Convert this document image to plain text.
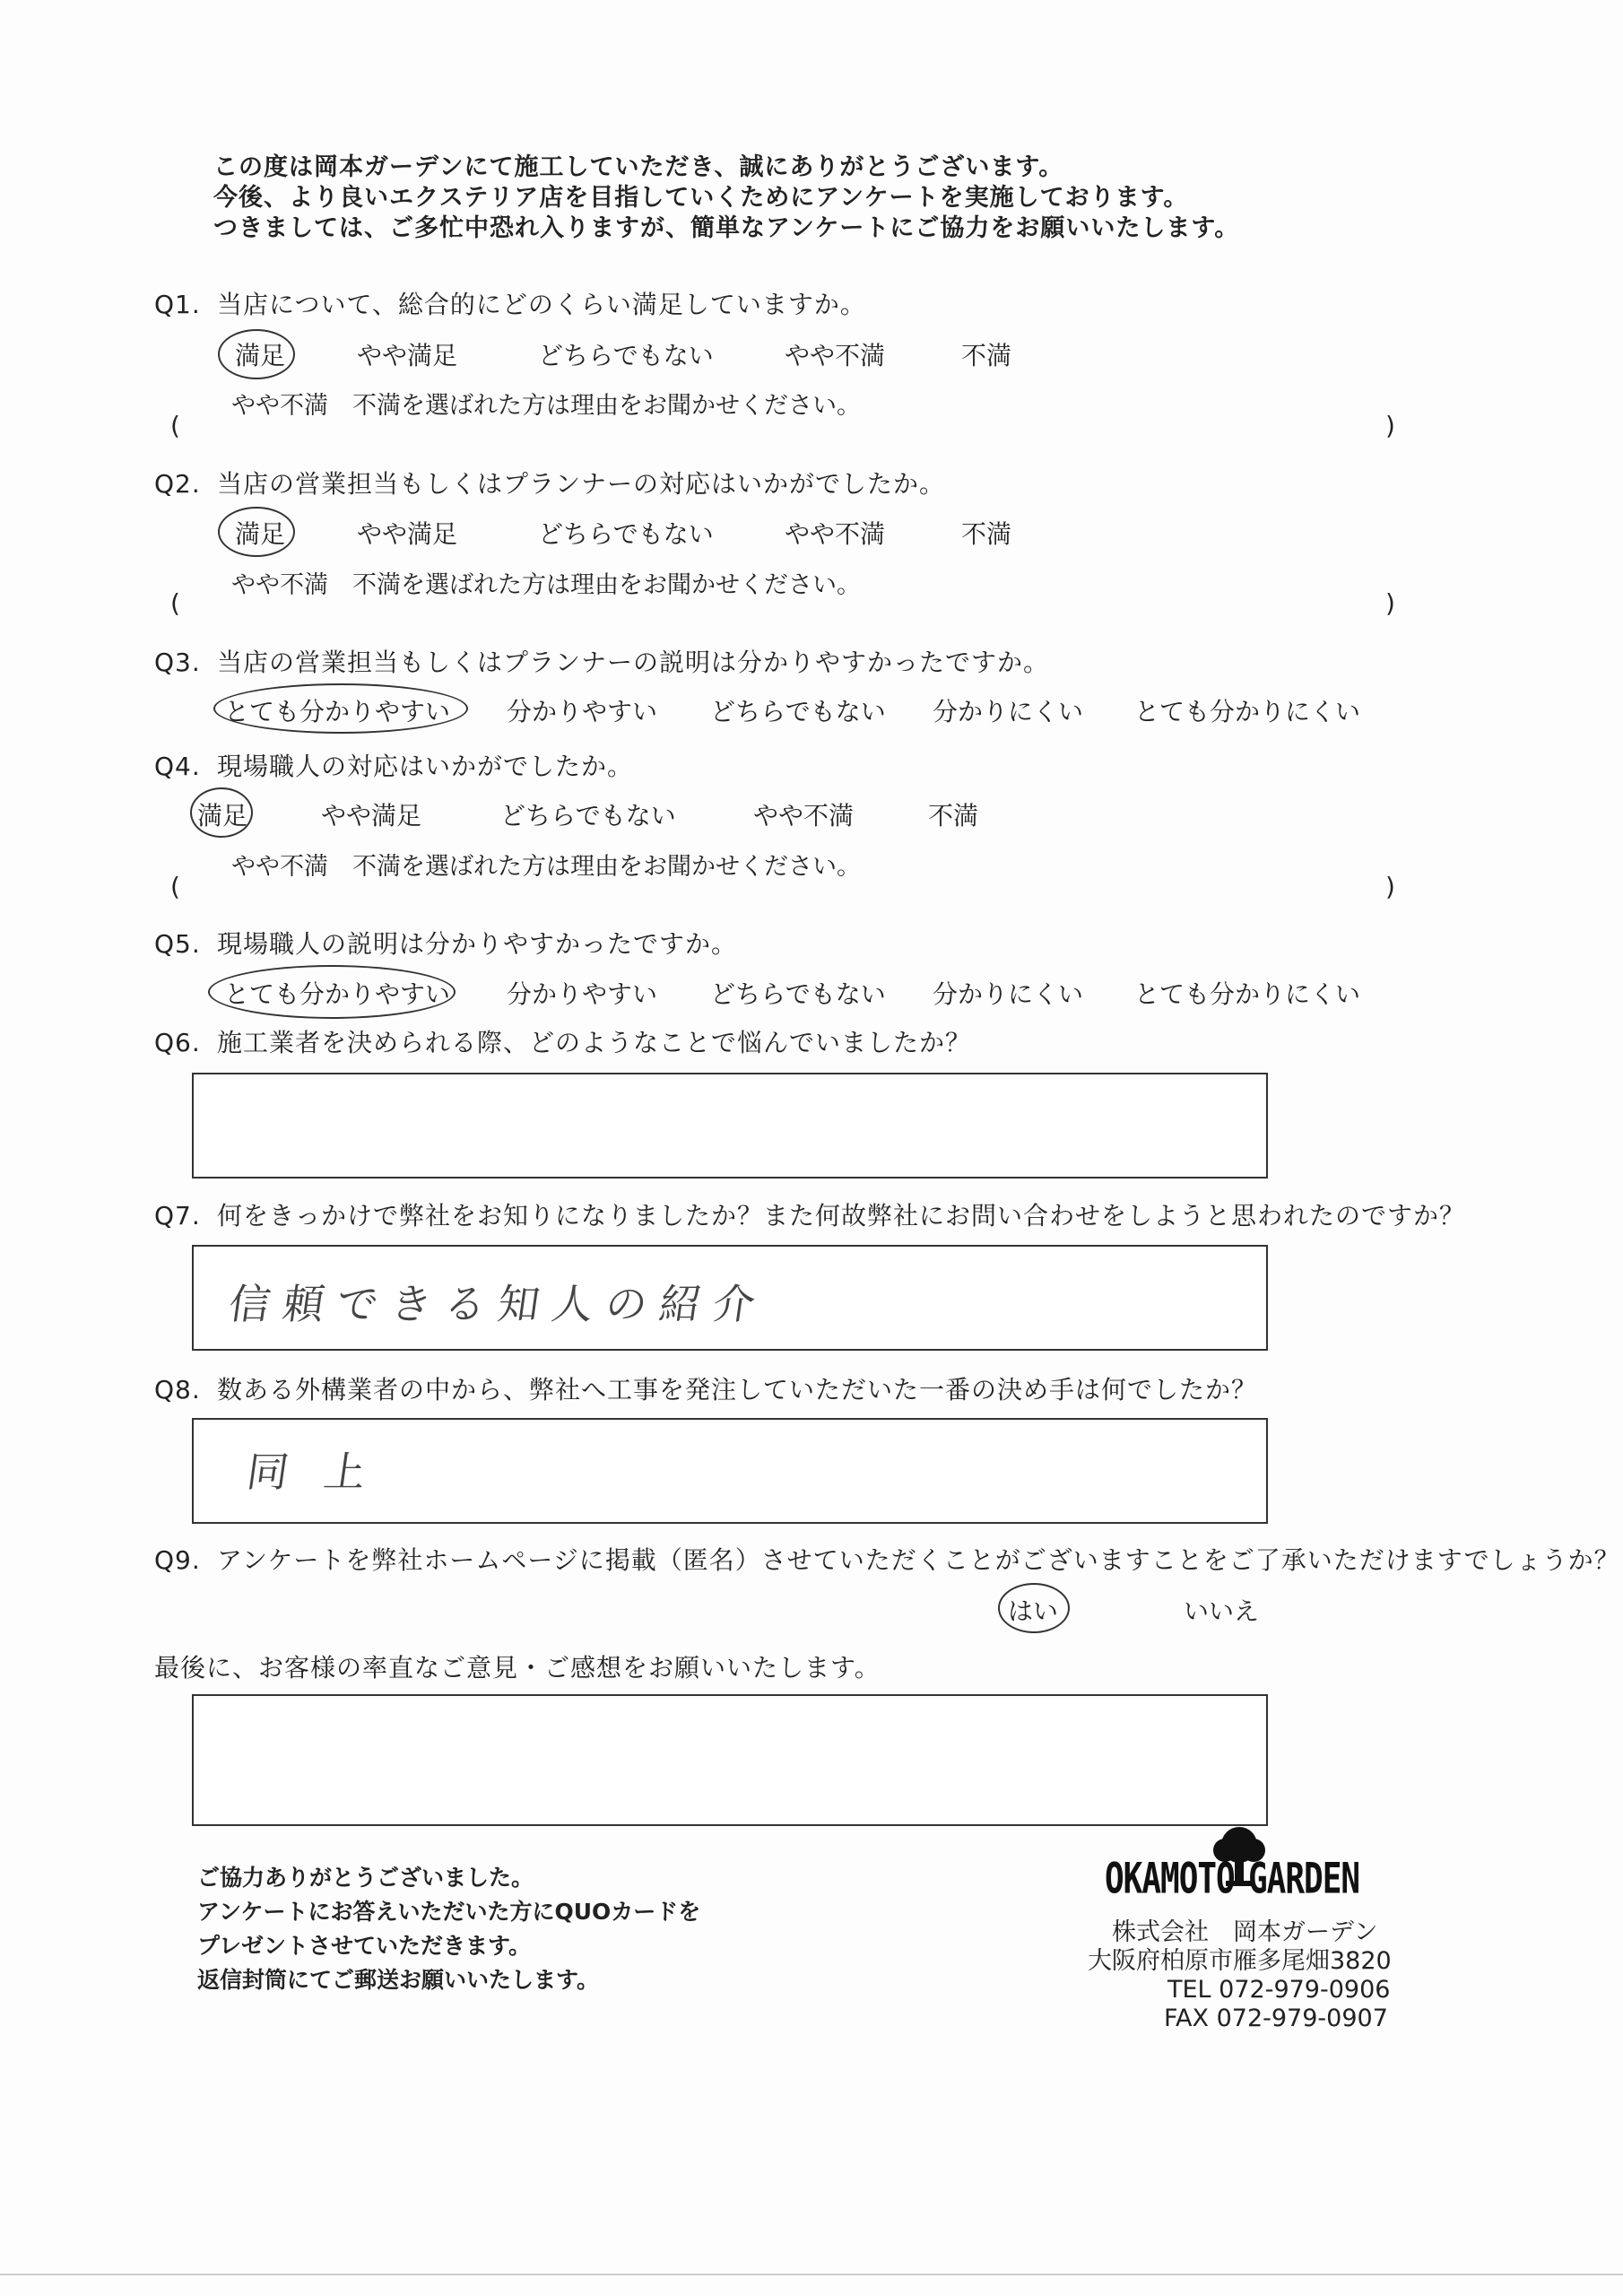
この度は岡本ガーデンにて施工していただき、誠にありがとうございます。
今後、より良いエクステリア店を目指していくためにアンケートを実施しております。
つきましては、ご多忙中恐れ入りますが、簡単なアンケートにご協力をお願いいたします。
Q1. 当店について、総合的にどのくらい満足していますか。
満足	やや満足	どちらでもない	やや不満	不満
やや不満　不満を選ばれた方は理由をお聞かせください。
(	)
Q2. 当店の営業担当もしくはプランナーの対応はいかがでしたか。
満足	やや満足	どちらでもない	やや不満	不満
やや不満　不満を選ばれた方は理由をお聞かせください。
(	)
Q3. 当店の営業担当もしくはプランナーの説明は分かりやすかったですか。
とても分かりやすい 分かりやすい どちらでもない 分かりにくい とても分かりにくい
Q4. 現場職人の対応はいかがでしたか。
満足	やや満足	どちらでもない	やや不満	不満
やや不満　不満を選ばれた方は理由をお聞かせください。
(	)
Q5. 現場職人の説明は分かりやすかったですか。
とても分かりやすい 分かりやすい どちらでもない 分かりにくい とても分かりにくい
Q6. 施工業者を決められる際、どのようなことで悩んでいましたか？
Q7. 何をきっかけで弊社をお知りになりましたか？また何故弊社にお問い合わせをしようと思われたのですか？
信頼できる知人の紹介
Q8. 数ある外構業者の中から、弊社へ工事を発注していただいた一番の決め手は何でしたか？
同上
Q9. アンケートを弊社ホームページに掲載（匿名）させていただくことがございますことをご了承いただけますでしょうか？
はい	いいえ
最後に、お客様の率直なご意見・ご感想をお願いいたします。
ご協力ありがとうございました。
アンケートにお答えいただいた方にQUOカードを
プレゼントさせていただきます。
返信封筒にてご郵送お願いいたします。
OKAMOTO GARDEN
株式会社　岡本ガーデン
大阪府柏原市雁多尾畑3820
TEL 072-979-0906
FAX 072-979-0907
